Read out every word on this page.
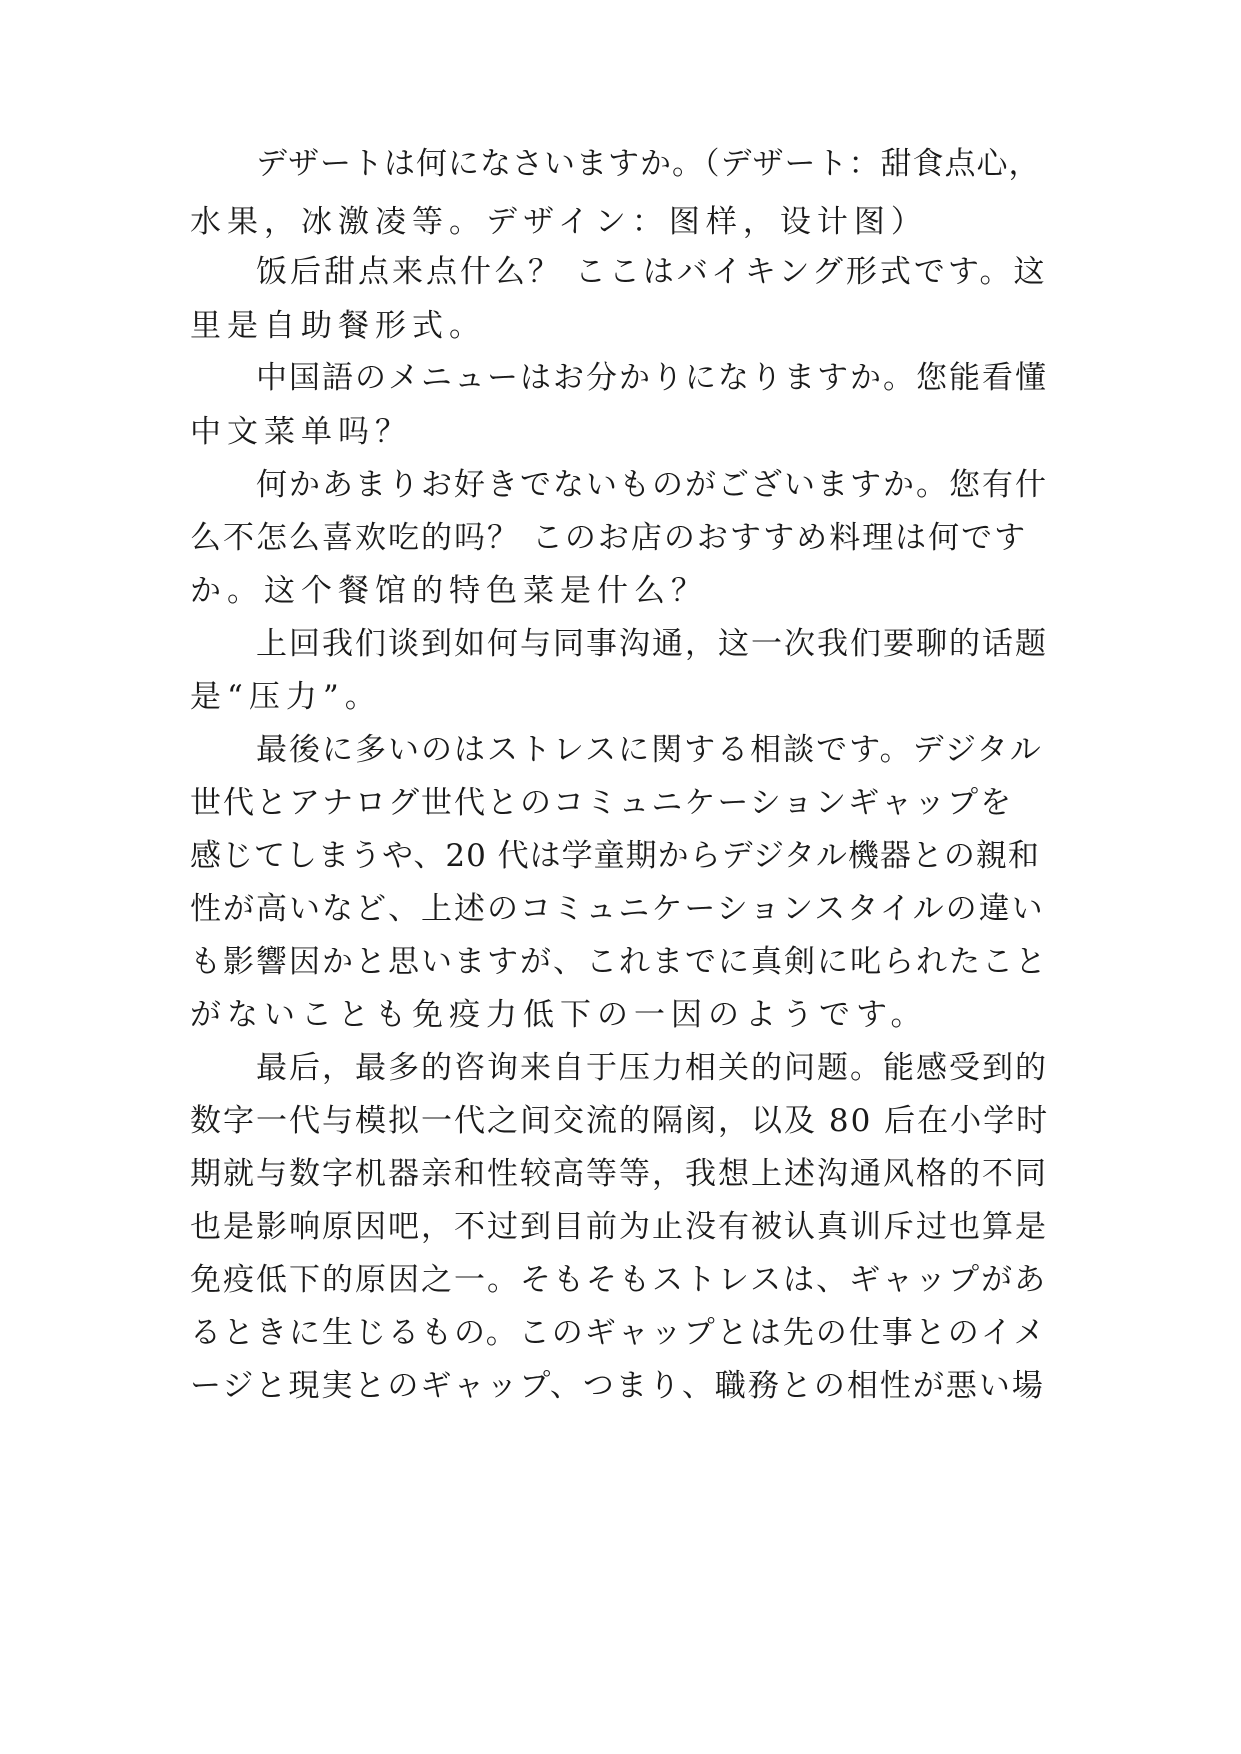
デザートは何になさいますか。（デザート：甜食点心，

水果，冰激凌等。デザイン：图样，设计图）

饭后甜点来点什么？ ここはバイキング形式です。这

里是自助餐形式。

中国語のメニューはお分かりになりますか。您能看懂

中文菜单吗？

何かあまりお好きでないものがございますか。您有什

么不怎么喜欢吃的吗？ このお店のおすすめ料理は何です

か。这个餐馆的特色菜是什么？

上回我们谈到如何与同事沟通，这一次我们要聊的话题

是“压力”。

最後に多いのはストレスに関する相談です。デジタル

世代とアナログ世代とのコミュニケーションギャップを

感じてしまうや、20 代は学童期からデジタル機器との親和

性が高いなど、上述のコミュニケーションスタイルの違い

も影響因かと思いますが、これまでに真剣に叱られたこと

がないことも免疫力低下の一因のようです。

最后，最多的咨询来自于压力相关的问题。能感受到的

数字一代与模拟一代之间交流的隔阂，以及 80 后在小学时

期就与数字机器亲和性较高等等，我想上述沟通风格的不同

也是影响原因吧，不过到目前为止没有被认真训斥过也算是

免疫低下的原因之一。そもそもストレスは、ギャップがあ

るときに生じるもの。このギャップとは先の仕事とのイメ

ージと現実とのギャップ、つまり、職務との相性が悪い場
